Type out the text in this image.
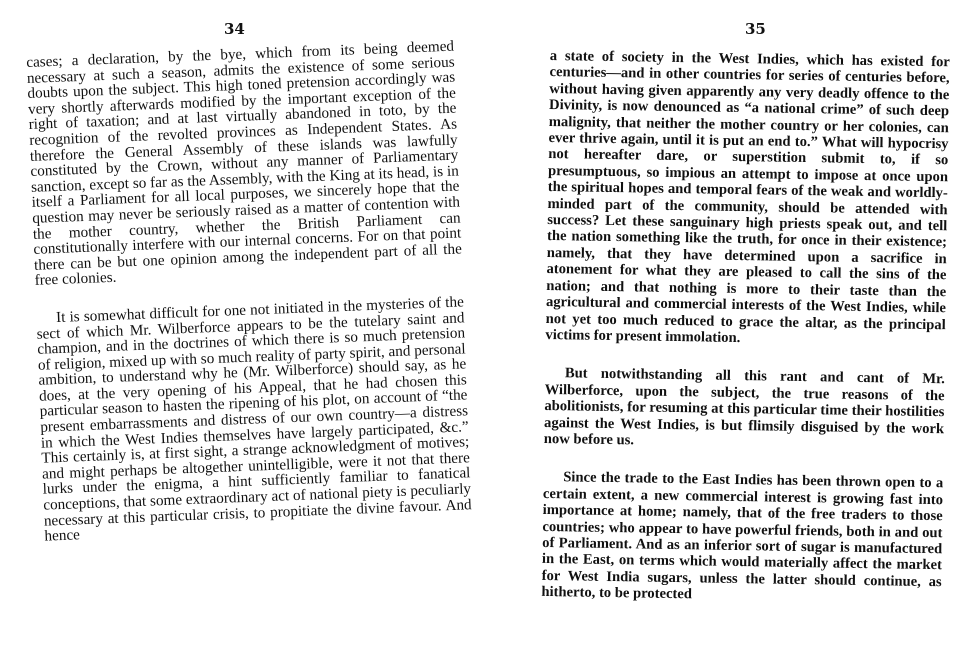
34

cases; a declaration, by the bye, which from its being deemed necessary at such a season, admits the existence of some serious doubts upon the subject. This high toned pretension accordingly was very shortly afterwards modified by the important exception of the right of taxation; and at last virtually abandoned in toto, by the recognition of the revolted provinces as Independent States. As therefore the General Assembly of these islands was lawfully constituted by the Crown, without any manner of Parliamentary sanction, except so far as the Assembly, with the King at its head, is in itself a Parliament for all local purposes, we sincerely hope that the question may never be seriously raised as a matter of contention with the mother country, whether the British Parliament can constitutionally interfere with our internal concerns. For on that point there can be but one opinion among the independent part of all the free colonies.

It is somewhat difficult for one not initiated in the mysteries of the sect of which Mr. Wilberforce appears to be the tutelary saint and champion, and in the doctrines of which there is so much pretension of religion, mixed up with so much reality of party spirit, and personal ambition, to understand why he (Mr. Wilberforce) should say, as he does, at the very opening of his Appeal, that he had chosen this particular season to hasten the ripening of his plot, on account of “the present embarrassments and distress of our own country—a distress in which the West Indies themselves have largely participated, &c.” This certainly is, at first sight, a strange acknowledgment of motives; and might perhaps be altogether unintelligible, were it not that there lurks under the enigma, a hint sufficiently familiar to fanatical conceptions, that some extraordinary act of national piety is peculiarly necessary at this particular crisis, to propitiate the divine favour. And hence

35

a state of society in the West Indies, which has existed for centuries—and in other countries for series of centuries before, without having given apparently any very deadly offence to the Divinity, is now denounced as “a national crime” of such deep malignity, that neither the mother country or her colonies, can ever thrive again, until it is put an end to.” What will hypocrisy not hereafter dare, or superstition submit to, if so presumptuous, so impious an attempt to impose at once upon the spiritual hopes and temporal fears of the weak and worldly-minded part of the community, should be attended with success? Let these sanguinary high priests speak out, and tell the nation something like the truth, for once in their existence; namely, that they have determined upon a sacrifice in atonement for what they are pleased to call the sins of the nation; and that nothing is more to their taste than the agricultural and commercial interests of the West Indies, while not yet too much reduced to grace the altar, as the principal victims for present immolation.

But notwithstanding all this rant and cant of Mr. Wilberforce, upon the subject, the true reasons of the abolitionists, for resuming at this particular time their hostilities against the West Indies, is but flimsily disguised by the work now before us.

Since the trade to the East Indies has been thrown open to a certain extent, a new commercial interest is growing fast into importance at home; namely, that of the free traders to those countries; who appear to have powerful friends, both in and out of Parliament. And as an inferior sort of sugar is manufactured in the East, on terms which would materially affect the market for West India sugars, unless the latter should continue, as hitherto, to be protected
